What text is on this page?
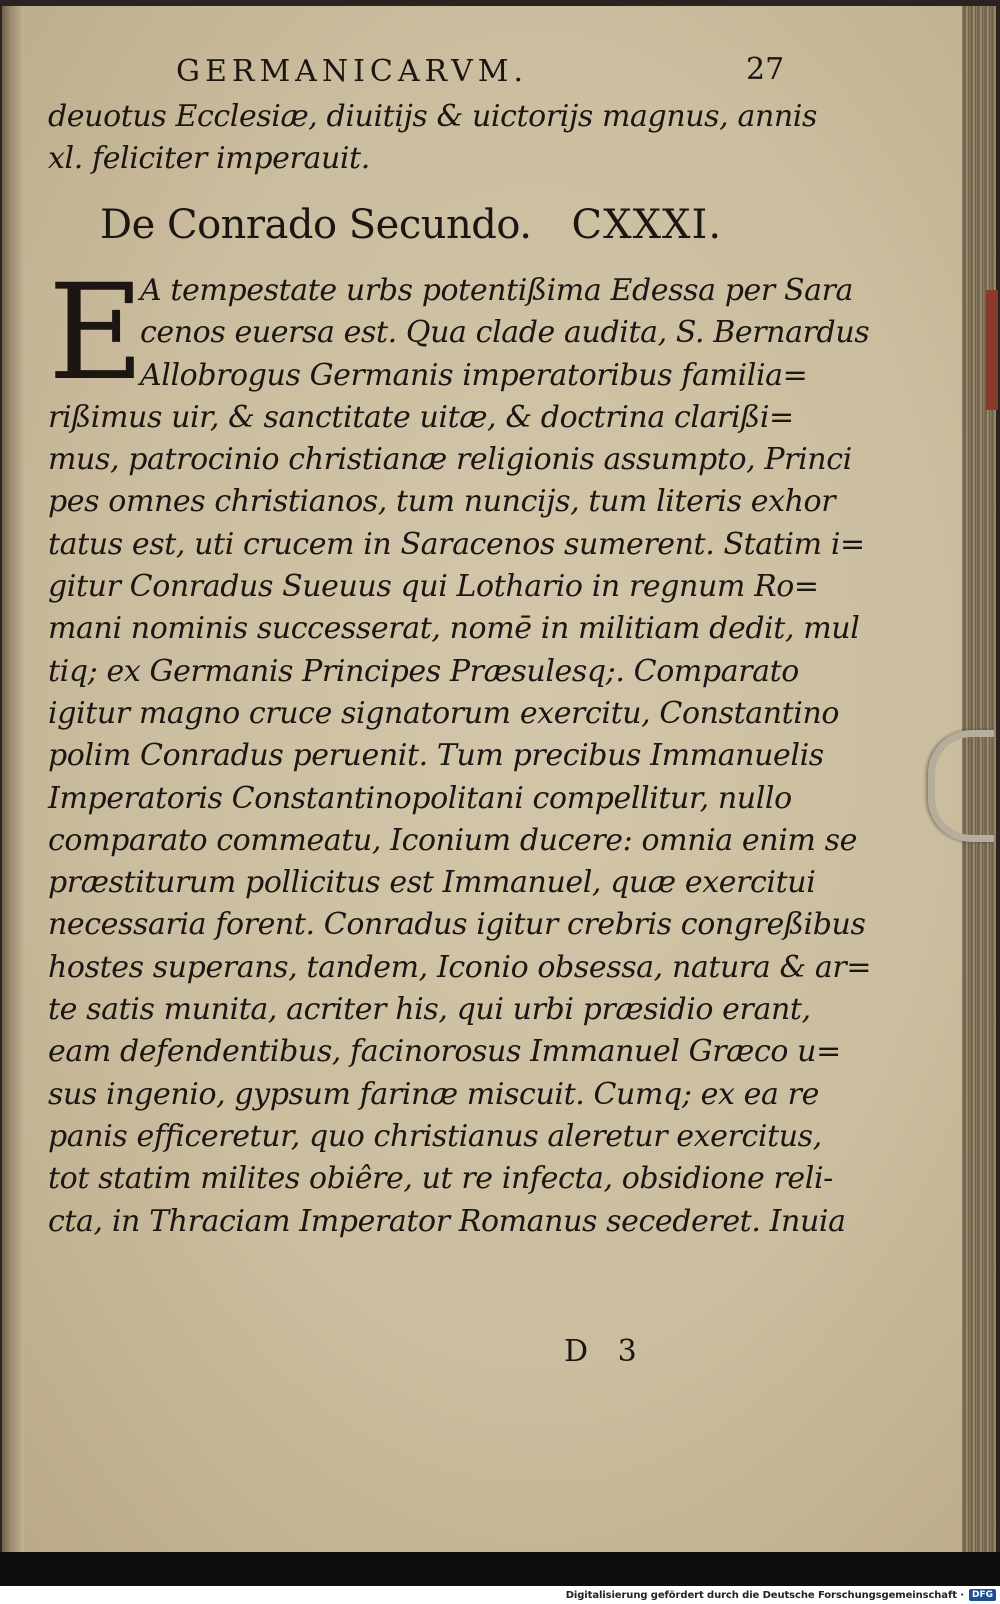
GERMANICARVM.	27
deuotus Ecclesiæ, diuitijs & uictorijs magnus, annis
xl. feliciter imperauit.
De Conrado Secundo. CXXXI.
E
A tempestate urbs potentißima Edessa per Sara
cenos euersa est. Qua clade audita, S. Bernardus
Allobrogus Germanis imperatoribus familia=
rißimus uir, & sanctitate uitæ, & doctrina clarißi=
mus, patrocinio christianæ religionis assumpto, Princi
pes omnes christianos, tum nuncijs, tum literis exhor
tatus est, uti crucem in Saracenos sumerent. Statim i=
gitur Conradus Sueuus qui Lothario in regnum Ro=
mani nominis successerat, nomē in militiam dedit, mul
tiq; ex Germanis Principes Præsulesq;. Comparato
igitur magno cruce signatorum exercitu, Constantino
polim Conradus peruenit. Tum precibus Immanuelis
Imperatoris Constantinopolitani compellitur, nullo
comparato commeatu, Iconium ducere: omnia enim se
præstiturum pollicitus est Immanuel, quæ exercitui
necessaria forent. Conradus igitur crebris congreßibus
hostes superans, tandem, Iconio obsessa, natura & ar=
te satis munita, acriter his, qui urbi præsidio erant,
eam defendentibus, facinorosus Immanuel Græco u=
sus ingenio, gypsum farinæ miscuit. Cumq; ex ea re
panis efficeretur, quo christianus aleretur exercitus,
tot statim milites obiêre, ut re infecta, obsidione reli-
cta, in Thraciam Imperator Romanus secederet. Inuia
D 3
Digitalisierung gefördert durch die Deutsche Forschungsgemeinschaft · DFG
